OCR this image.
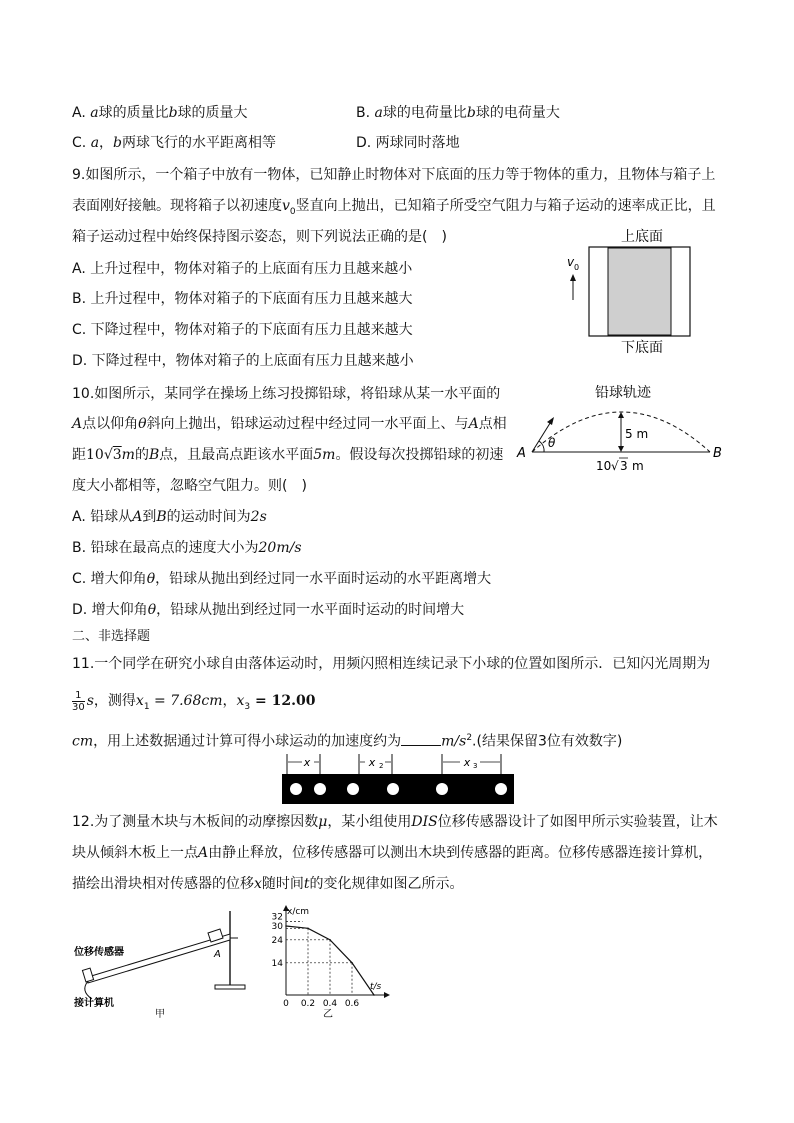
A. a球的质量比b球的质量大	B. a球的电荷量比b球的电荷量大
C. a，b两球飞行的水平距离相等	D. 两球同时落地
9.如图所示，一个箱子中放有一物体，已知静止时物体对下底面的压力等于物体的重力，且物体与箱子上
表面刚好接触。现将箱子以初速度$v_0$竖直向上抛出，已知箱子所受空气阻力与箱子运动的速率成正比，且
箱子运动过程中始终保持图示姿态，则下列说法正确的是(　)
A. 上升过程中，物体对箱子的上底面有压力且越来越小
B. 上升过程中，物体对箱子的下底面有压力且越来越大
C. 下降过程中，物体对箱子的下底面有压力且越来越大
D. 下降过程中，物体对箱子的上底面有压力且越来越小
上底面
v 0
下底面
10.如图所示，某同学在操场上练习投掷铅球，将铅球从某一水平面的
A点以仰角θ斜向上抛出，铅球运动过程中经过同一水平面上、与A点相
距10√3m的B点，且最高点距该水平面5m。假设每次投掷铅球的初速
度大小都相等，忽略空气阻力。则(　)
A. 铅球从A到B的运动时间为2s
B. 铅球在最高点的速度大小为20m/s
C. 增大仰角θ，铅球从抛出到经过同一水平面时运动的水平距离增大
D. 增大仰角θ，铅球从抛出到经过同一水平面时运动的时间增大
铅球轨迹
θ
5 m
A	B
10 √ 3 m
二、非选择题
11.一个同学在研究小球自由落体运动时，用频闪照相连续记录下小球的位置如图所示．已知闪光周期为
$\frac{1}{30}$ s，测得$x_1 = 7.68cm$，$x_3 = 12.00$
cm，用上述数据通过计算可得小球运动的加速度约为	$m/s^2$.(结果保留3位有效数字)
x	x 2	x 3
12.为了测量木块与木板间的动摩擦因数μ，某小组使用DIS位移传感器设计了如图甲所示实验装置，让木
块从倾斜木板上一点A由静止释放，位移传感器可以测出木块到传感器的距离。位移传感器连接计算机，
描绘出滑块相对传感器的位移x随时间t的变化规律如图乙所示。
A
位移传感器
接计算机
甲
x/cm
t/s
乙
32
30
24
14
0 0.2 0.4 0.6
